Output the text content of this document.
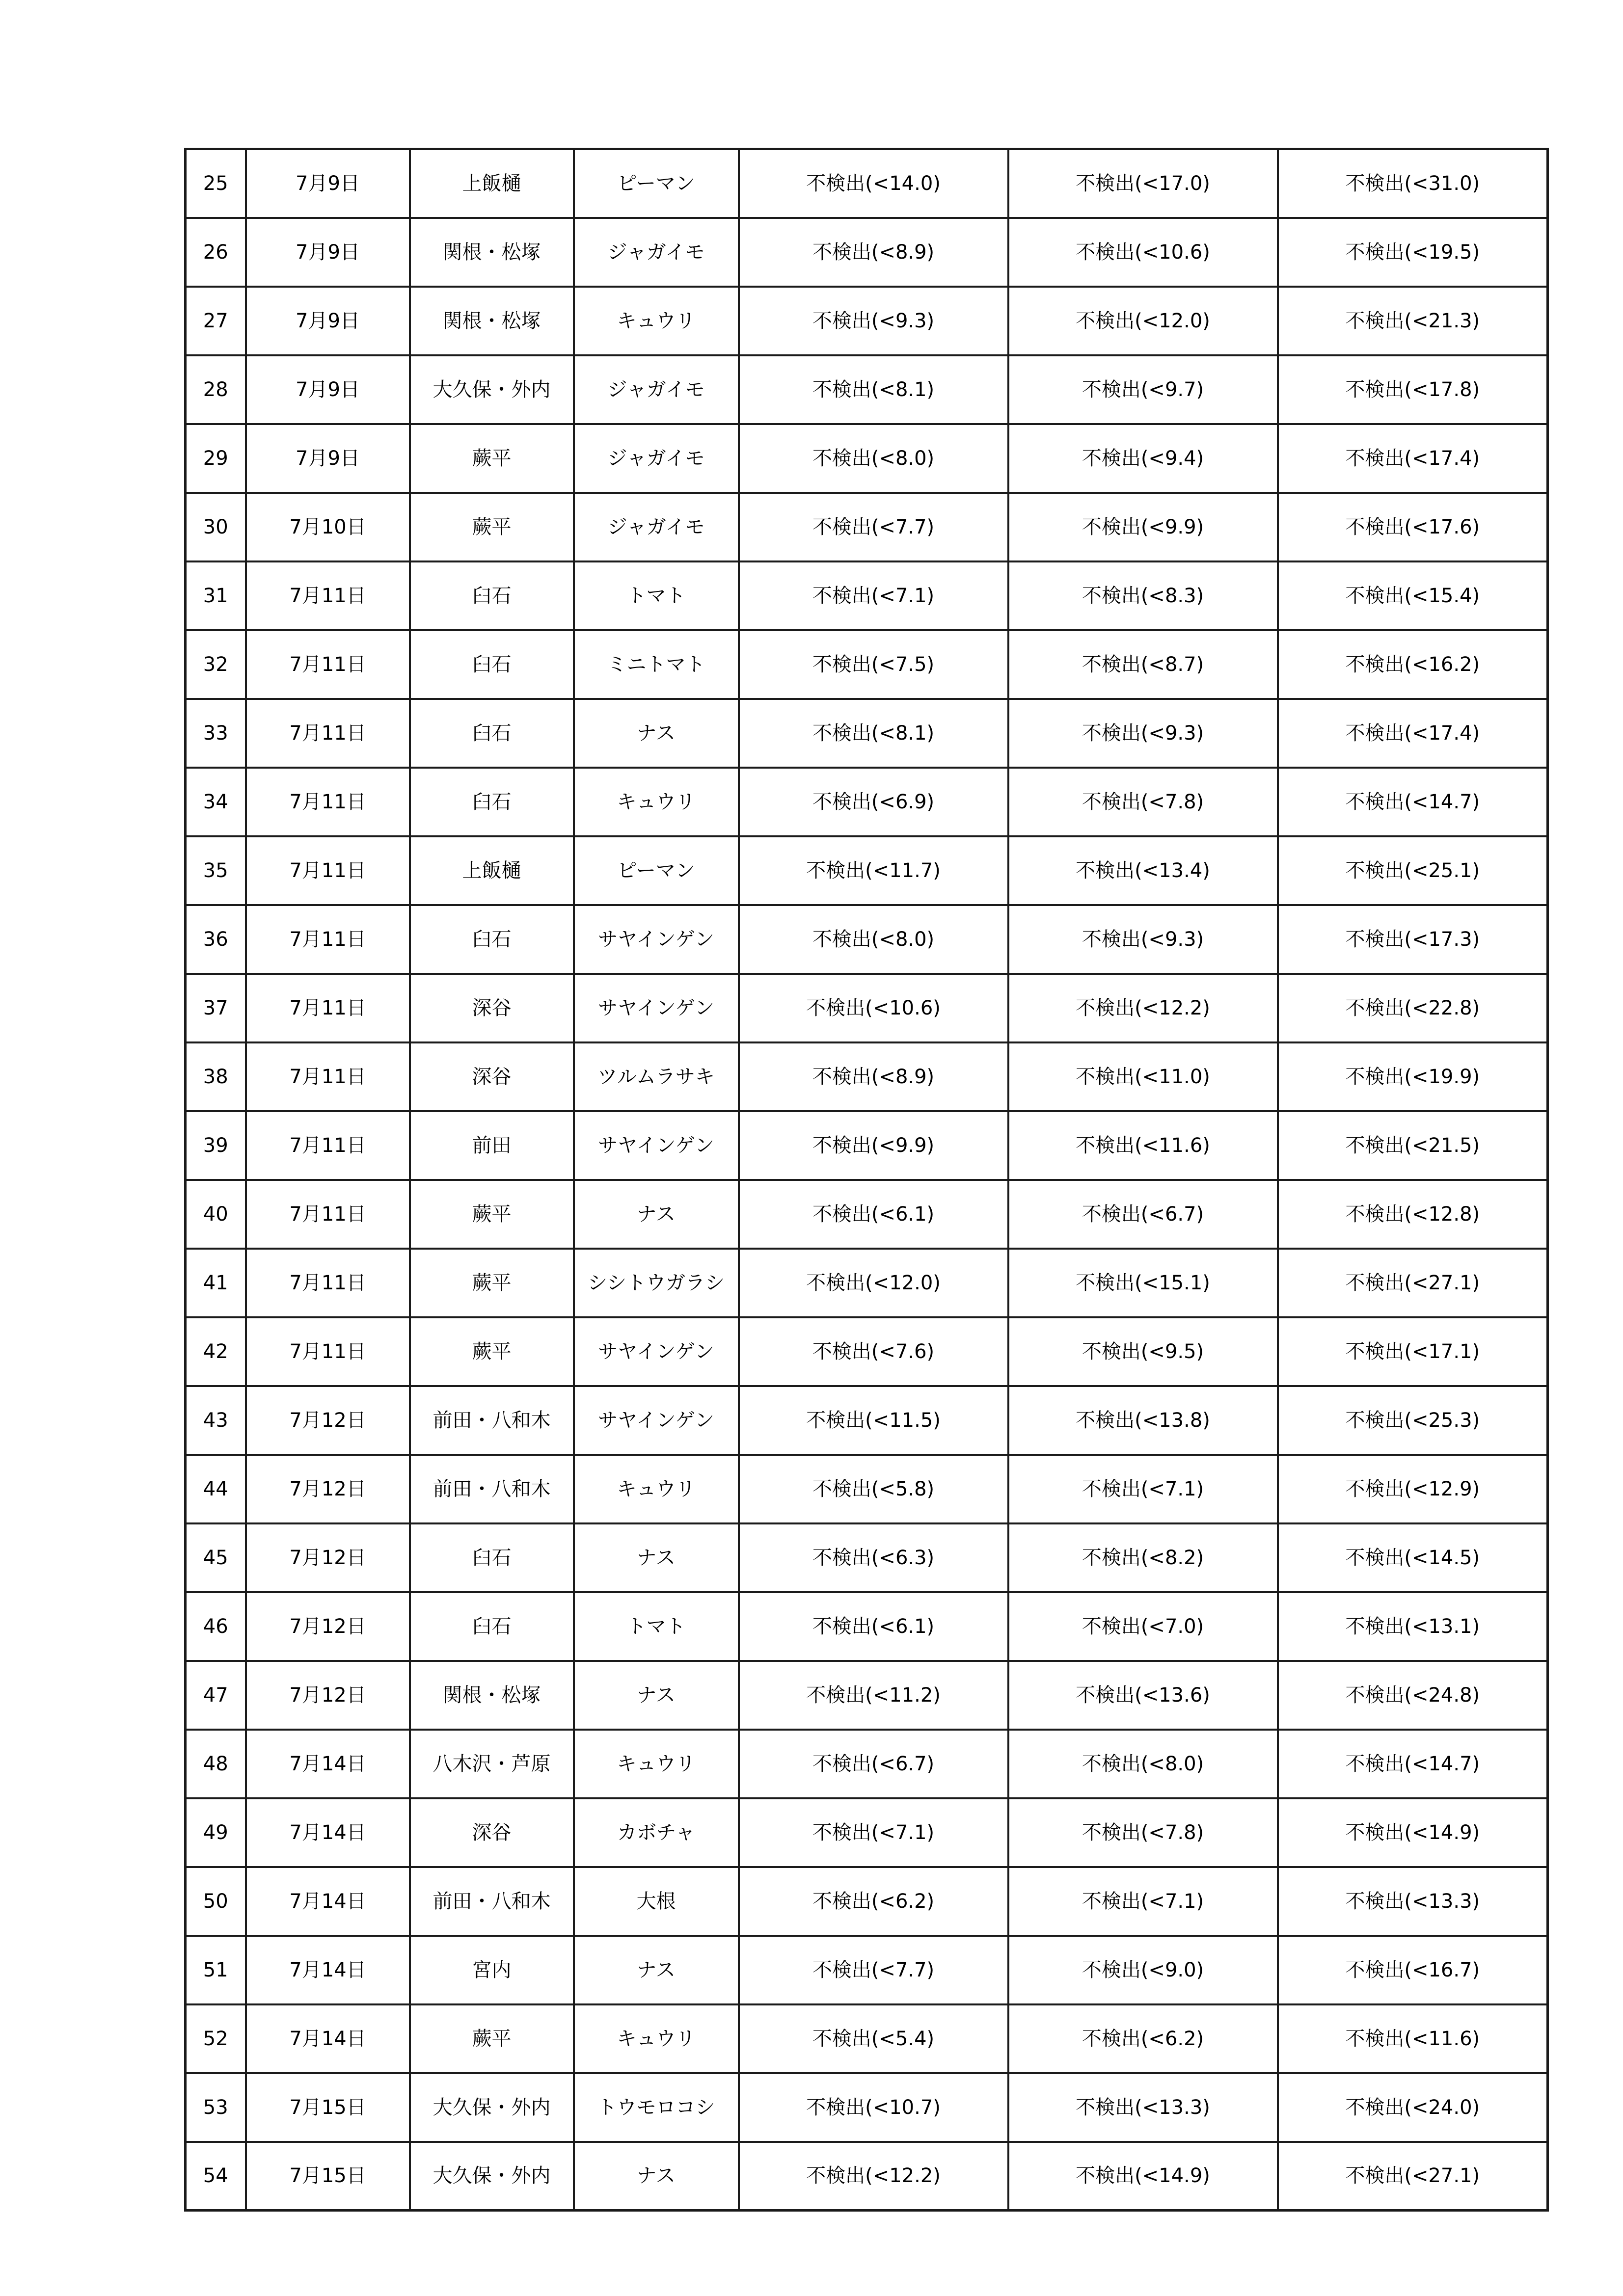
25	7月9日	上飯樋	ピーマン	不検出(<14.0)	不検出(<17.0)	不検出(<31.0)
26	7月9日	関根・松塚	ジャガイモ	不検出(<8.9)	不検出(<10.6)	不検出(<19.5)
27	7月9日	関根・松塚	キュウリ	不検出(<9.3)	不検出(<12.0)	不検出(<21.3)
28	7月9日	大久保・外内	ジャガイモ	不検出(<8.1)	不検出(<9.7)	不検出(<17.8)
29	7月9日	蕨平	ジャガイモ	不検出(<8.0)	不検出(<9.4)	不検出(<17.4)
30	7月10日	蕨平	ジャガイモ	不検出(<7.7)	不検出(<9.9)	不検出(<17.6)
31	7月11日	臼石	トマト	不検出(<7.1)	不検出(<8.3)	不検出(<15.4)
32	7月11日	臼石	ミニトマト	不検出(<7.5)	不検出(<8.7)	不検出(<16.2)
33	7月11日	臼石	ナス	不検出(<8.1)	不検出(<9.3)	不検出(<17.4)
34	7月11日	臼石	キュウリ	不検出(<6.9)	不検出(<7.8)	不検出(<14.7)
35	7月11日	上飯樋	ピーマン	不検出(<11.7)	不検出(<13.4)	不検出(<25.1)
36	7月11日	臼石	サヤインゲン	不検出(<8.0)	不検出(<9.3)	不検出(<17.3)
37	7月11日	深谷	サヤインゲン	不検出(<10.6)	不検出(<12.2)	不検出(<22.8)
38	7月11日	深谷	ツルムラサキ	不検出(<8.9)	不検出(<11.0)	不検出(<19.9)
39	7月11日	前田	サヤインゲン	不検出(<9.9)	不検出(<11.6)	不検出(<21.5)
40	7月11日	蕨平	ナス	不検出(<6.1)	不検出(<6.7)	不検出(<12.8)
41	7月11日	蕨平	シシトウガラシ	不検出(<12.0)	不検出(<15.1)	不検出(<27.1)
42	7月11日	蕨平	サヤインゲン	不検出(<7.6)	不検出(<9.5)	不検出(<17.1)
43	7月12日	前田・八和木	サヤインゲン	不検出(<11.5)	不検出(<13.8)	不検出(<25.3)
44	7月12日	前田・八和木	キュウリ	不検出(<5.8)	不検出(<7.1)	不検出(<12.9)
45	7月12日	臼石	ナス	不検出(<6.3)	不検出(<8.2)	不検出(<14.5)
46	7月12日	臼石	トマト	不検出(<6.1)	不検出(<7.0)	不検出(<13.1)
47	7月12日	関根・松塚	ナス	不検出(<11.2)	不検出(<13.6)	不検出(<24.8)
48	7月14日	八木沢・芦原	キュウリ	不検出(<6.7)	不検出(<8.0)	不検出(<14.7)
49	7月14日	深谷	カボチャ	不検出(<7.1)	不検出(<7.8)	不検出(<14.9)
50	7月14日	前田・八和木	大根	不検出(<6.2)	不検出(<7.1)	不検出(<13.3)
51	7月14日	宮内	ナス	不検出(<7.7)	不検出(<9.0)	不検出(<16.7)
52	7月14日	蕨平	キュウリ	不検出(<5.4)	不検出(<6.2)	不検出(<11.6)
53	7月15日	大久保・外内	トウモロコシ	不検出(<10.7)	不検出(<13.3)	不検出(<24.0)
54	7月15日	大久保・外内	ナス	不検出(<12.2)	不検出(<14.9)	不検出(<27.1)
